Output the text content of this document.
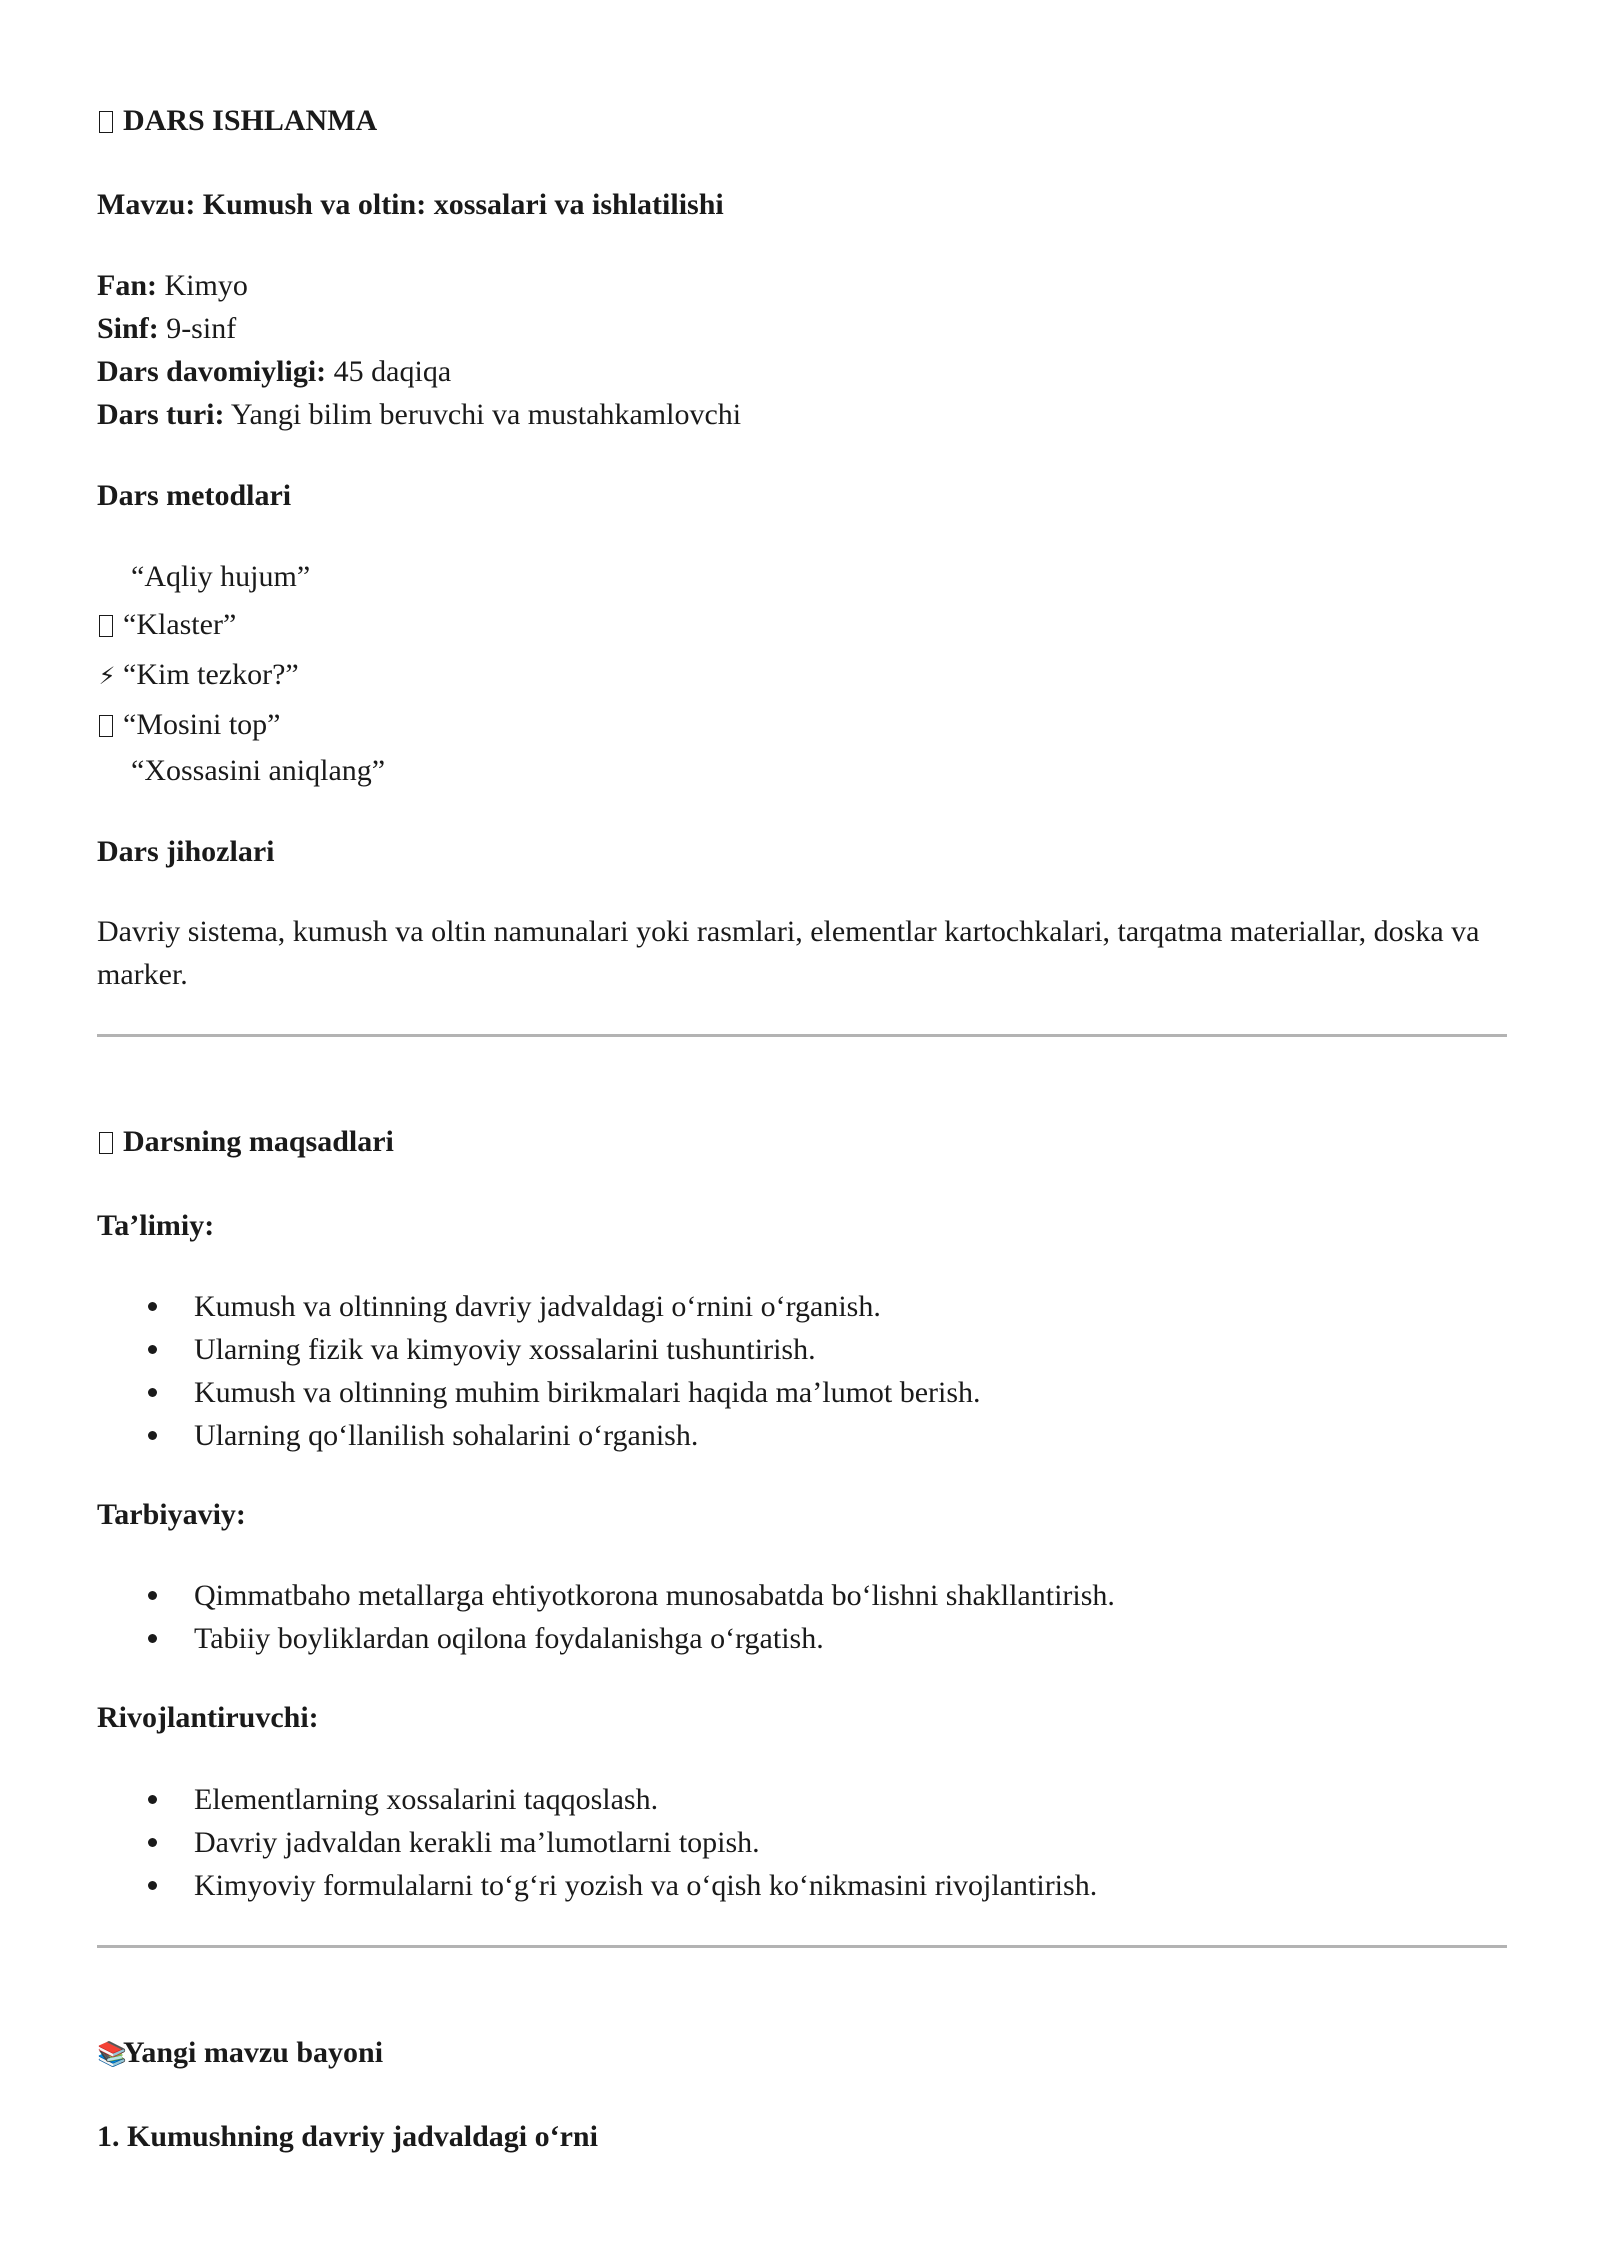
DARS ISHLANMA
Mavzu: Kumush va oltin: xossalari va ishlatilishi
Fan: Kimyo
Sinf: 9-sinf
Dars davomiyligi: 45 daqiqa
Dars turi: Yangi bilim beruvchi va mustahkamlovchi
Dars metodlari
“Aqliy hujum”
“Klaster”
⚡ “Kim tezkor?”
“Mosini top”
“Xossasini aniqlang”
Dars jihozlari
Davriy sistema, kumush va oltin namunalari yoki rasmlari, elementlar kartochkalari, tarqatma materiallar, doska va marker.
Darsning maqsadlari
Ta’limiy:
Kumush va oltinning davriy jadvaldagi o‘rnini o‘rganish.
Ularning fizik va kimyoviy xossalarini tushuntirish.
Kumush va oltinning muhim birikmalari haqida ma’lumot berish.
Ularning qo‘llanilish sohalarini o‘rganish.
Tarbiyaviy:
Qimmatbaho metallarga ehtiyotkorona munosabatda bo‘lishni shakllantirish.
Tabiiy boyliklardan oqilona foydalanishga o‘rgatish.
Rivojlantiruvchi:
Elementlarning xossalarini taqqoslash.
Davriy jadvaldan kerakli ma’lumotlarni topish.
Kimyoviy formulalarni to‘g‘ri yozish va o‘qish ko‘nikmasini rivojlantirish.
📚Yangi mavzu bayoni
1. Kumushning davriy jadvaldagi o‘rni
